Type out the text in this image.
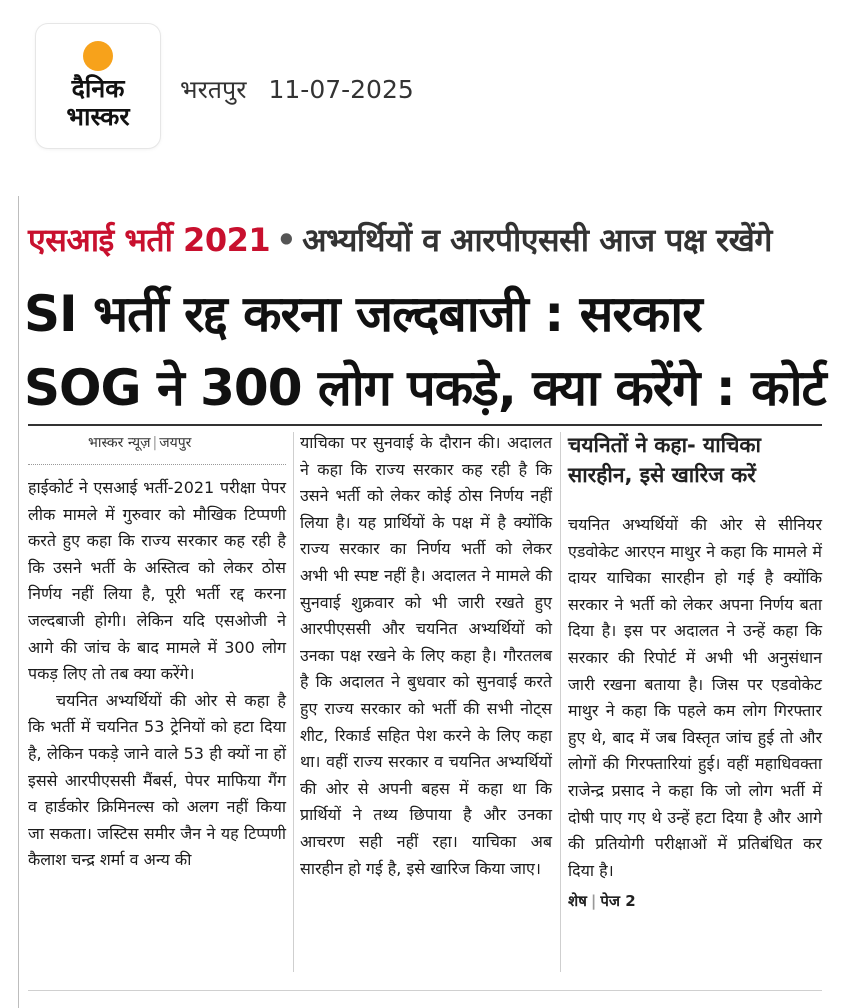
दैनिक
भास्कर
भरतपुर 11-07-2025
एसआई भर्ती 2021 • अभ्यर्थियों व आरपीएससी आज पक्ष रखेंगे
SI भर्ती रद्द करना जल्दबाजी : सरकार
SOG ने 300 लोग पकड़े, क्या करेंगे : कोर्ट
भास्कर न्यूज़ | जयपुर

हाईकोर्ट ने एसआई भर्ती-2021 परीक्षा पेपर लीक मामले में गुरुवार को मौखिक टिप्पणी करते हुए कहा कि राज्य सरकार कह रही है कि उसने भर्ती के अस्तित्व को लेकर ठोस निर्णय नहीं लिया है, पूरी भर्ती रद्द करना जल्दबाजी होगी। लेकिन यदि एसओजी ने आगे की जांच के बाद मामले में 300 लोग पकड़ लिए तो तब क्या करेंगे।

चयनित अभ्यर्थियों की ओर से कहा है कि भर्ती में चयनित 53 ट्रेनियों को हटा दिया है, लेकिन पकड़े जाने वाले 53 ही क्यों ना हों इससे आरपीएससी मैंबर्स, पेपर माफिया गैंग व हार्डकोर क्रिमिनल्स को अलग नहीं किया जा सकता। जस्टिस समीर जैन ने यह टिप्पणी कैलाश चन्द्र शर्मा व अन्य की

याचिका पर सुनवाई के दौरान की। अदालत ने कहा कि राज्य सरकार कह रही है कि उसने भर्ती को लेकर कोई ठोस निर्णय नहीं लिया है। यह प्रार्थियों के पक्ष में है क्योंकि राज्य सरकार का निर्णय भर्ती को लेकर अभी भी स्पष्ट नहीं है। अदालत ने मामले की सुनवाई शुक्रवार को भी जारी रखते हुए आरपीएससी और चयनित अभ्यर्थियों को उनका पक्ष रखने के लिए कहा है। गौरतलब है कि अदालत ने बुधवार को सुनवाई करते हुए राज्य सरकार को भर्ती की सभी नोट्स शीट, रिकार्ड सहित पेश करने के लिए कहा था। वहीं राज्य सरकार व चयनित अभ्यर्थियों की ओर से अपनी बहस में कहा था कि प्रार्थियों ने तथ्य छिपाया है और उनका आचरण सही नहीं रहा। याचिका अब सारहीन हो गई है, इसे खारिज किया जाए।

चयनितों ने कहा- याचिका सारहीन, इसे खारिज करें

चयनित अभ्यर्थियों की ओर से सीनियर एडवोकेट आरएन माथुर ने कहा कि मामले में दायर याचिका सारहीन हो गई है क्योंकि सरकार ने भर्ती को लेकर अपना निर्णय बता दिया है। इस पर अदालत ने उन्हें कहा कि सरकार की रिपोर्ट में अभी भी अनुसंधान जारी रखना बताया है। जिस पर एडवोकेट माथुर ने कहा कि पहले कम लोग गिरफ्तार हुए थे, बाद में जब विस्तृत जांच हुई तो और लोगों की गिरफ्तारियां हुई। वहीं महाधिवक्ता राजेन्द्र प्रसाद ने कहा कि जो लोग भर्ती में दोषी पाए गए थे उन्हें हटा दिया है और आगे की प्रतियोगी परीक्षाओं में प्रतिबंधित कर दिया है।

शेष | पेज 2
